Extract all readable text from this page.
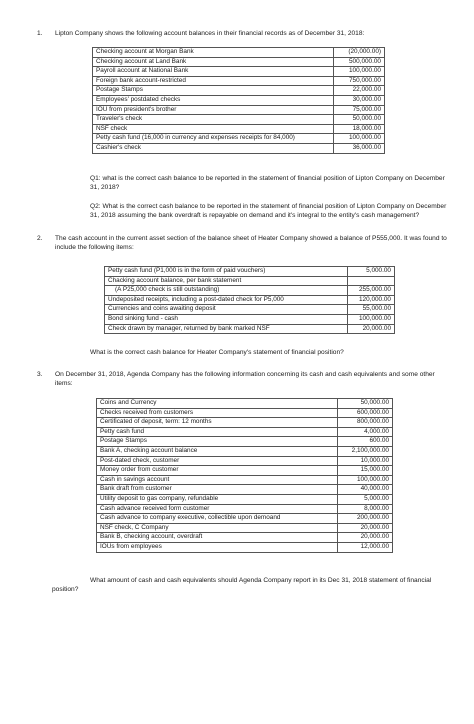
1. Lipton Company shows the following account balances in their financial records as of December 31, 2018:
Checking account at Morgan Bank	(20,000.00)
Checking account at Land Bank	500,000.00
Payroll account at National Bank	100,000.00
Foreign bank account-restricted	750,000.00
Postage Stamps	22,000.00
Employees' postdated checks	30,000.00
IOU from president's brother	75,000.00
Traveler's check	50,000.00
NSF check	18,000.00
Petty cash fund (16,000 in currency and expenses receipts for 84,000)	100,000.00
Cashier's check	36,000.00
Q1: what is the correct cash balance to be reported in the statement of financial position of Lipton Company on December 31, 2018?
Q2: What is the correct cash balance to be reported in the statement of financial position of Lipton Company on December 31, 2018 assuming the bank overdraft is repayable on demand and it's integral to the entity's cash management?
2. The cash account in the current asset section of the balance sheet of Heater Company showed a balance of P555,000. It was found to include the following items:
Petty cash fund (P1,000 is in the form of paid vouchers)	5,000.00
Chacking account balance, per bank statement	
(A P25,000 check is still outstanding)	255,000.00
Undeposited receipts, including a post-dated check for P5,000	120,000.00
Currencies and coins awaiting deposit	55,000.00
Bond sinking fund - cash	100,000.00
Check drawn by manager, returned by bank marked NSF	20,000.00
What is the correct cash balance for Heater Company's statement of financial position?
3. On December 31, 2018, Agenda Company has the following information concerning its cash and cash equivalents and some other items:
Coins and Currency	50,000.00
Checks received from customers	600,000.00
Certificated of deposit, term: 12 months	800,000.00
Petty cash fund	4,000.00
Postage Stamps	600.00
Bank A, checking account balance	2,100,000.00
Post-dated check, customer	10,000.00
Money order from customer	15,000.00
Cash in savings account	100,000.00
Bank draft from customer	40,000.00
Utility deposit to gas company, refundable	5,000.00
Cash advance received form customer	8,000.00
Cash advance to company executive, collectible upon demoand	200,000.00
NSF check, C Company	20,000.00
Bank B, checking account, overdraft	20,000.00
IOUs from employees	12,000.00
What amount of cash and cash equivalents should Agenda Company report in its Dec 31, 2018 statement of financial position?
